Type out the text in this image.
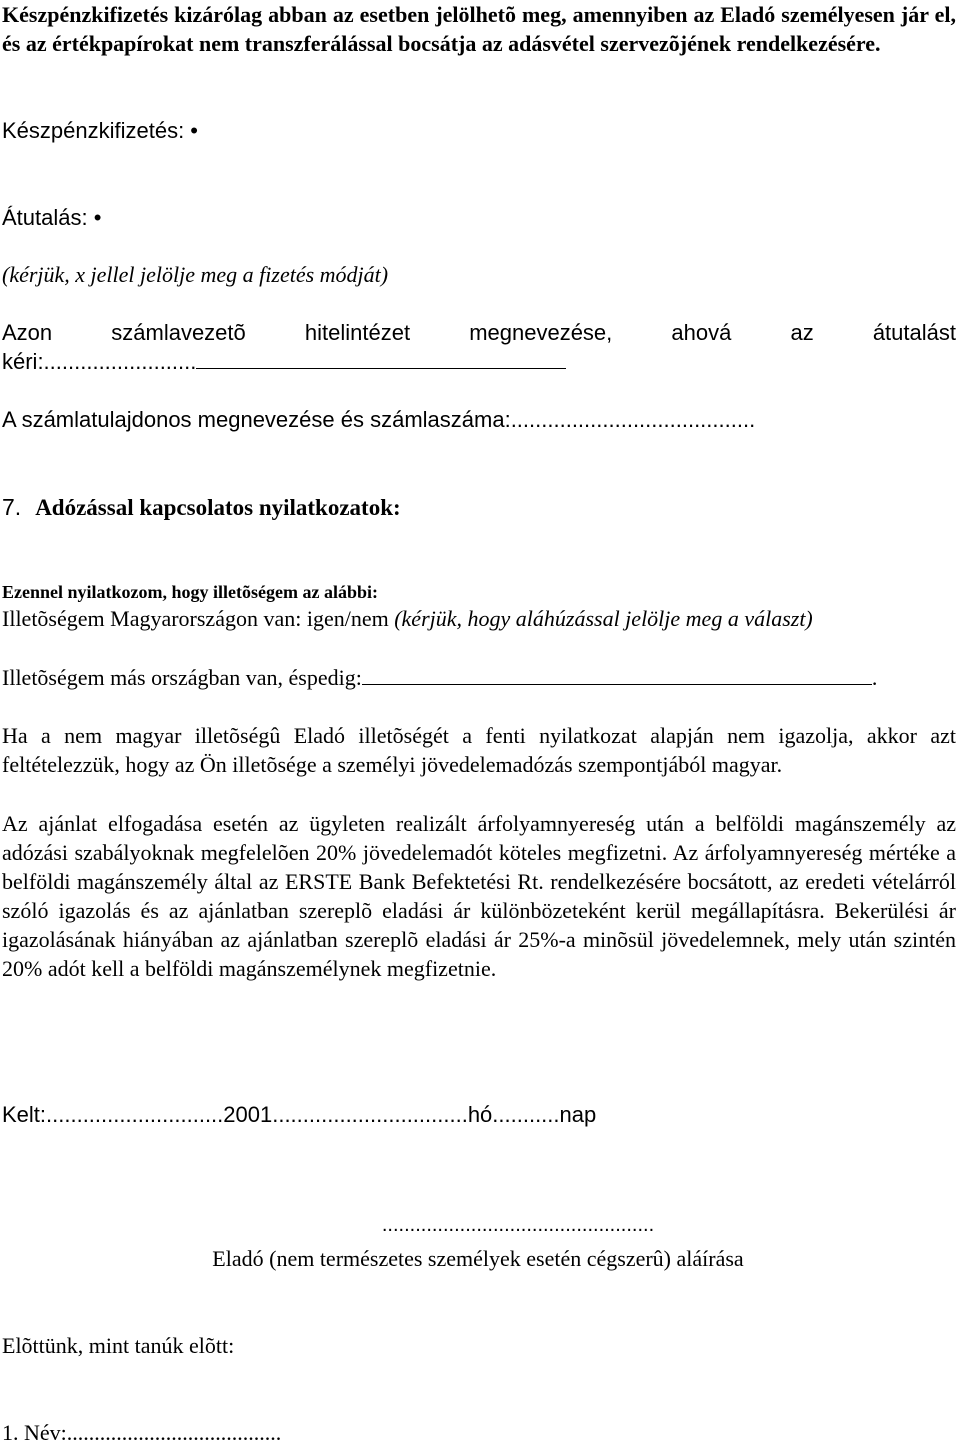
Készpénzkifizetés kizárólag abban az esetben jelölhetõ meg, amennyiben az Eladó személyesen jár el, és az értékpapírokat nem transzferálással bocsátja az adásvétel szervezõjének rendelkezésére.

Készpénzkifizetés: •

Átutalás: •

(kérjük, x jellel jelölje meg a fizetés módját)

Azon	számlavezetõ	hitelintézet	megnevezése,	ahová	az	átutalást

kéri:.........................

A számlatulajdonos megnevezése és számlaszáma:........................................

7. Adózással kapcsolatos nyilatkozatok:

Ezennel nyilatkozom, hogy illetõségem az alábbi:

Illetõségem Magyarországon van: igen/nem (kérjük, hogy aláhúzással jelölje meg a választ)

Illetõségem más országban van, éspedig:	.

Ha a nem magyar illetõségû Eladó illetõségét a fenti nyilatkozat alapján nem igazolja, akkor azt feltételezzük, hogy az Ön illetõsége a személyi jövedelemadózás szempontjából magyar.

Az ajánlat elfogadása esetén az ügyleten realizált árfolyamnyereség után a belföldi magánszemély az adózási szabályoknak megfelelõen 20% jövedelemadót köteles megfizetni. Az árfolyamnyereség mértéke a belföldi magánszemély által az ERSTE Bank Befektetési Rt. rendelkezésére bocsátott, az eredeti vételárról szóló igazolás és az ajánlatban szereplõ eladási ár különbözeteként kerül megállapításra. Bekerülési ár igazolásának hiányában az ajánlatban szereplõ eladási ár 25%-a minõsül jövedelemnek, mely után szintén 20% adót kell a belföldi magánszemélynek megfizetnie.

Kelt:.............................2001................................hó...........nap

.................................................

Eladó (nem természetes személyek esetén cégszerû) aláírása

Elõttünk, mint tanúk elõtt:

1. Név:.......................................
